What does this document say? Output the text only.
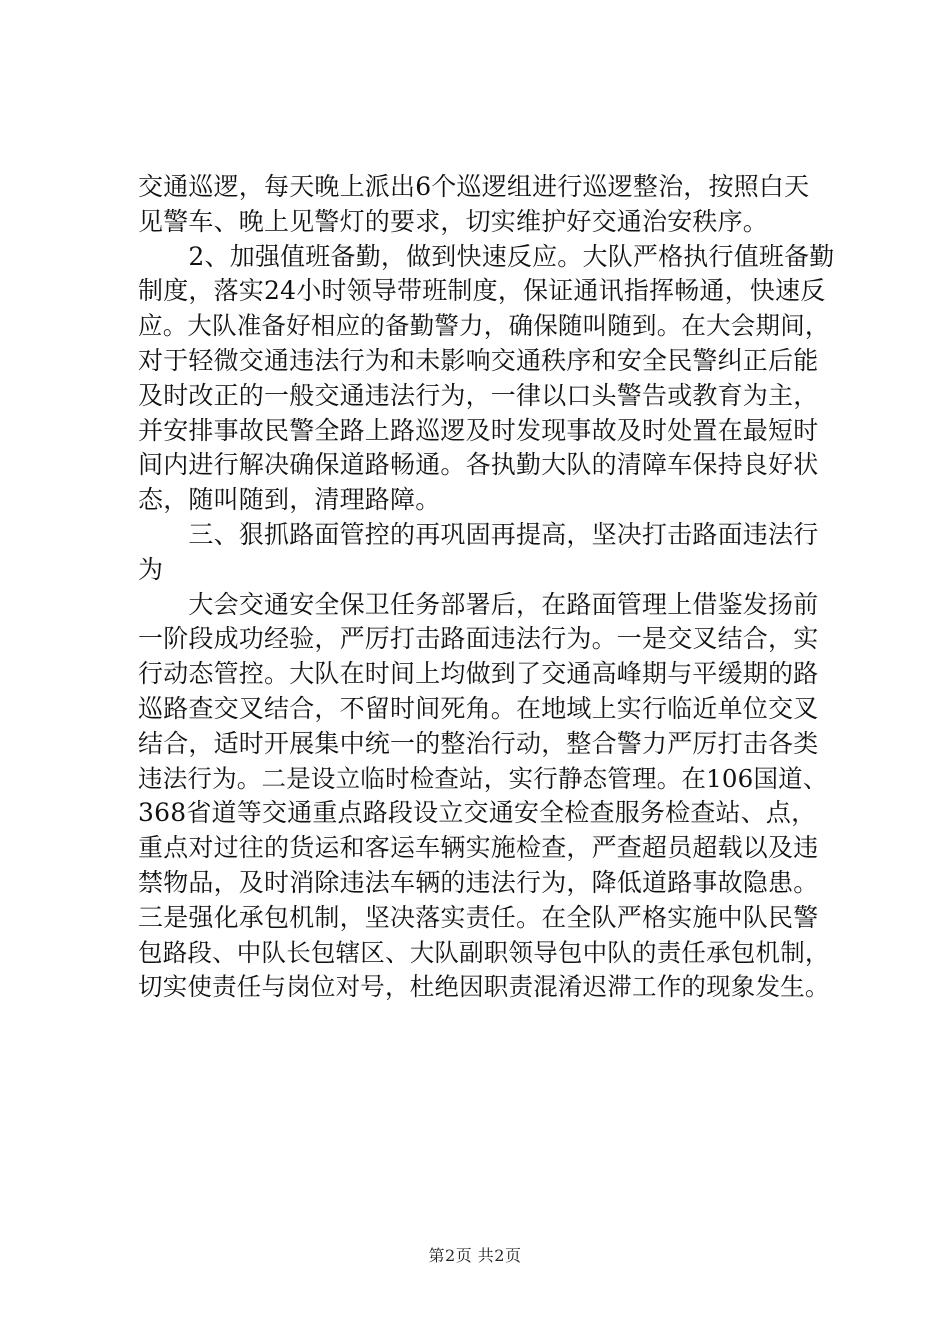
交通巡逻，每天晚上派出6个巡逻组进行巡逻整治，按照白天
见警车、晚上见警灯的要求，切实维护好交通治安秩序。

　　2、加强值班备勤，做到快速反应。大队严格执行值班备勤
制度，落实24小时领导带班制度，保证通讯指挥畅通，快速反
应。大队准备好相应的备勤警力，确保随叫随到。在大会期间，
对于轻微交通违法行为和未影响交通秩序和安全民警纠正后能
及时改正的一般交通违法行为，一律以口头警告或教育为主，
并安排事故民警全路上路巡逻及时发现事故及时处置在最短时
间内进行解决确保道路畅通。各执勤大队的清障车保持良好状
态，随叫随到，清理路障。

　　三、狠抓路面管控的再巩固再提高，坚决打击路面违法行
为

　　大会交通安全保卫任务部署后，在路面管理上借鉴发扬前
一阶段成功经验，严厉打击路面违法行为。一是交叉结合，实
行动态管控。大队在时间上均做到了交通高峰期与平缓期的路
巡路查交叉结合，不留时间死角。在地域上实行临近单位交叉
结合，适时开展集中统一的整治行动，整合警力严厉打击各类
违法行为。二是设立临时检查站，实行静态管理。在106国道、
368省道等交通重点路段设立交通安全检查服务检查站、点，
重点对过往的货运和客运车辆实施检查，严查超员超载以及违
禁物品，及时消除违法车辆的违法行为，降低道路事故隐患。
三是强化承包机制，坚决落实责任。在全队严格实施中队民警
包路段、中队长包辖区、大队副职领导包中队的责任承包机制，
切实使责任与岗位对号，杜绝因职责混淆迟滞工作的现象发生。

第2页 共2页
